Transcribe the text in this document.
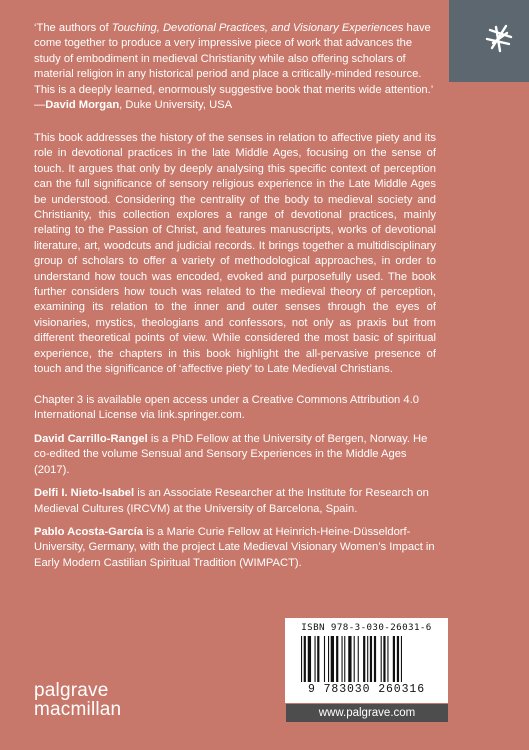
‘The authors of Touching, Devotional Practices, and Visionary Experiences have come together to produce a very impressive piece of work that advances the study of embodiment in medieval Christianity while also offering scholars of material religion in any historical period and place a critically-minded resource. This is a deeply learned, enormously suggestive book that merits wide attention.’
—David Morgan, Duke University, USA
This book addresses the history of the senses in relation to affective piety and its role in devotional practices in the late Middle Ages, focusing on the sense of touch. It argues that only by deeply analysing this specific context of perception can the full significance of sensory religious experience in the Late Middle Ages be understood. Considering the centrality of the body to medieval society and Christianity, this collection explores a range of devotional practices, mainly relating to the Passion of Christ, and features manuscripts, works of devotional literature, art, woodcuts and judicial records. It brings together a multidisciplinary group of scholars to offer a variety of methodological approaches, in order to understand how touch was encoded, evoked and purposefully used. The book further considers how touch was related to the medieval theory of perception, examining its relation to the inner and outer senses through the eyes of visionaries, mystics, theologians and confessors, not only as praxis but from different theoretical points of view. While considered the most basic of spiritual experience, the chapters in this book highlight the all-pervasive presence of touch and the significance of ‘affective piety’ to Late Medieval Christians.
Chapter 3 is available open access under a Creative Commons Attribution 4.0 International License via link.springer.com.

David Carrillo-Rangel is a PhD Fellow at the University of Bergen, Norway. He co-edited the volume Sensual and Sensory Experiences in the Middle Ages (2017).

Delfi I. Nieto-Isabel is an Associate Researcher at the Institute for Research on Medieval Cultures (IRCVM) at the University of Barcelona, Spain.

Pablo Acosta-García is a Marie Curie Fellow at Heinrich-Heine-Düsseldorf-University, Germany, with the project Late Medieval Visionary Women’s Impact in Early Modern Castilian Spiritual Tradition (WIMPACT).

palgrave
macmillan
ISBN 978-3-030-26031-6
9 783030 260316
www.palgrave.com
